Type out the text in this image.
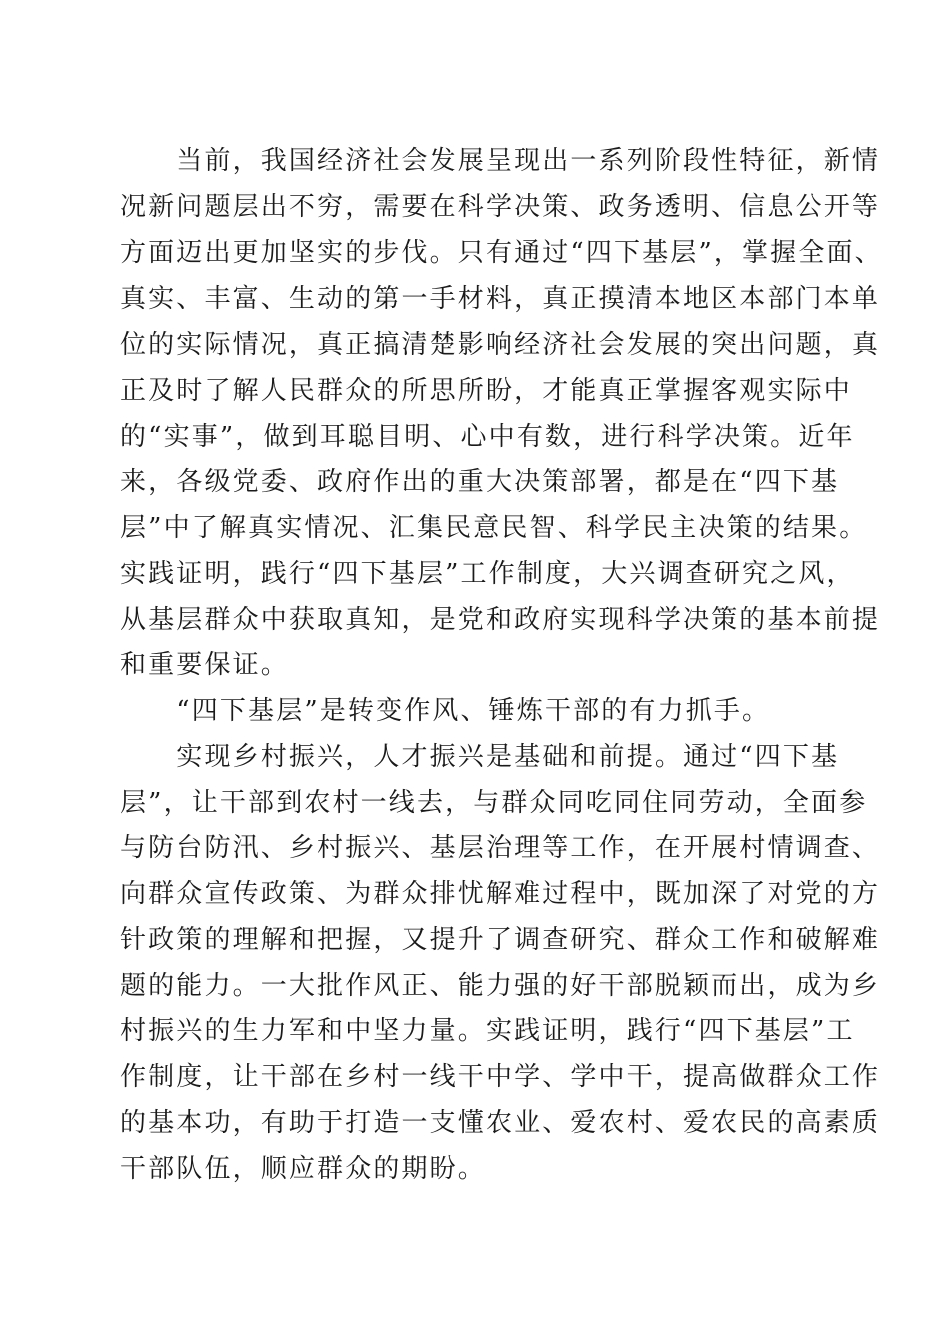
　　当前，我国经济社会发展呈现出一系列阶段性特征，新情
况新问题层出不穷，需要在科学决策、政务透明、信息公开等
方面迈出更加坚实的步伐。只有通过“四下基层”，掌握全面、
真实、丰富、生动的第一手材料，真正摸清本地区本部门本单
位的实际情况，真正搞清楚影响经济社会发展的突出问题，真
正及时了解人民群众的所思所盼，才能真正掌握客观实际中
的“实事”，做到耳聪目明、心中有数，进行科学决策。近年
来，各级党委、政府作出的重大决策部署，都是在“四下基
层”中了解真实情况、汇集民意民智、科学民主决策的结果。
实践证明，践行“四下基层”工作制度，大兴调查研究之风，
从基层群众中获取真知，是党和政府实现科学决策的基本前提
和重要保证。
　　“四下基层”是转变作风、锤炼干部的有力抓手。
　　实现乡村振兴，人才振兴是基础和前提。通过“四下基
层”，让干部到农村一线去，与群众同吃同住同劳动，全面参
与防台防汛、乡村振兴、基层治理等工作，在开展村情调查、
向群众宣传政策、为群众排忧解难过程中，既加深了对党的方
针政策的理解和把握，又提升了调查研究、群众工作和破解难
题的能力。一大批作风正、能力强的好干部脱颖而出，成为乡
村振兴的生力军和中坚力量。实践证明，践行“四下基层”工
作制度，让干部在乡村一线干中学、学中干，提高做群众工作
的基本功，有助于打造一支懂农业、爱农村、爱农民的高素质
干部队伍，顺应群众的期盼。
